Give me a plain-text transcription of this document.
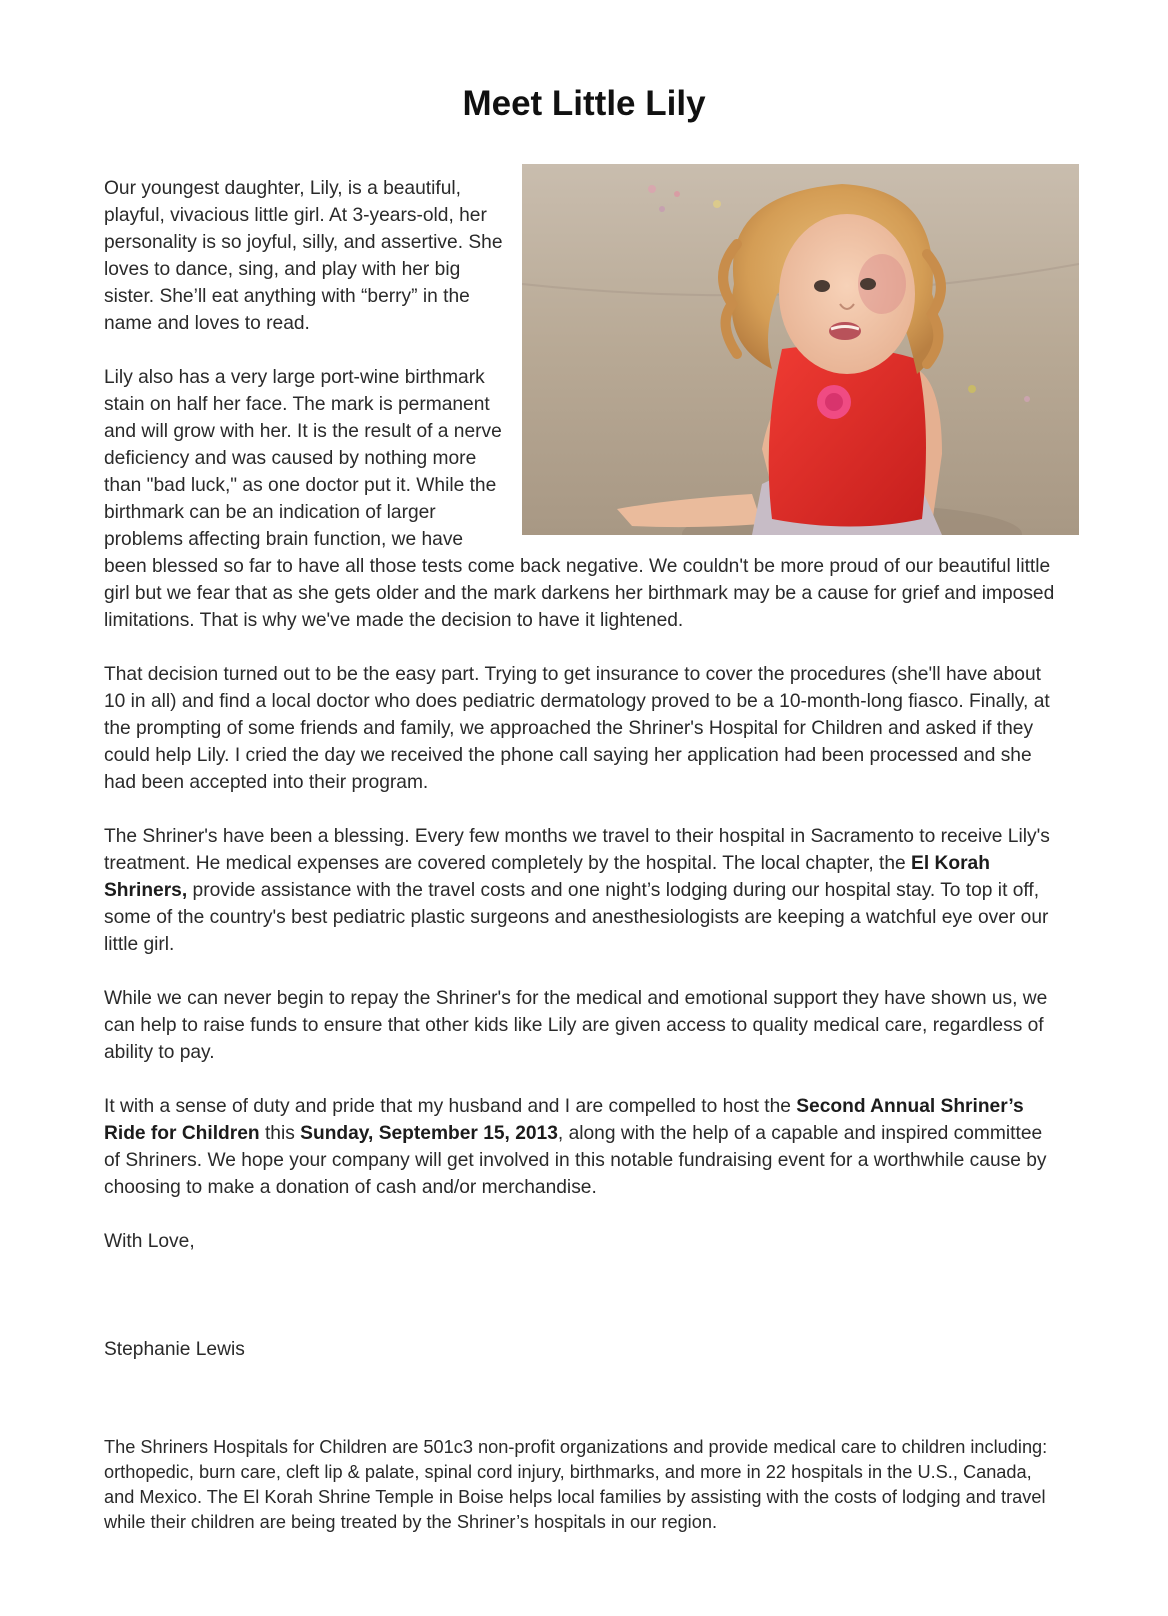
Meet Little Lily

Our youngest daughter, Lily, is a beautiful, playful, vivacious little girl. At 3-years-old, her personality is so joyful, silly, and assertive. She loves to dance, sing, and play with her big sister. She’ll eat anything with “berry” in the name and loves to read.

Lily also has a very large port-wine birthmark stain on half her face. The mark is permanent and will grow with her. It is the result of a nerve deficiency and was caused by nothing more than "bad luck," as one doctor put it. While the birthmark can be an indication of larger problems affecting brain function, we have been blessed so far to have all those tests come back negative. We couldn't be more proud of our beautiful little girl but we fear that as she gets older and the mark darkens her birthmark may be a cause for grief and imposed limitations. That is why we've made the decision to have it lightened.

That decision turned out to be the easy part. Trying to get insurance to cover the procedures (she'll have about 10 in all) and find a local doctor who does pediatric dermatology proved to be a 10-month-long fiasco. Finally, at the prompting of some friends and family, we approached the Shriner's Hospital for Children and asked if they could help Lily. I cried the day we received the phone call saying her application had been processed and she had been accepted into their program.

The Shriner's have been a blessing. Every few months we travel to their hospital in Sacramento to receive Lily's treatment. He medical expenses are covered completely by the hospital. The local chapter, the El Korah Shriners, provide assistance with the travel costs and one night’s lodging during our hospital stay. To top it off, some of the country's best pediatric plastic surgeons and anesthesiologists are keeping a watchful eye over our little girl.

While we can never begin to repay the Shriner's for the medical and emotional support they have shown us, we can help to raise funds to ensure that other kids like Lily are given access to quality medical care, regardless of ability to pay.

It with a sense of duty and pride that my husband and I are compelled to host the Second Annual Shriner’s Ride for Children this Sunday, September 15, 2013, along with the help of a capable and inspired committee of Shriners. We hope your company will get involved in this notable fundraising event for a worthwhile cause by choosing to make a donation of cash and/or merchandise.

With Love,

Stephanie Lewis

The Shriners Hospitals for Children are 501c3 non-profit organizations and provide medical care to children including: orthopedic, burn care, cleft lip & palate, spinal cord injury, birthmarks, and more in 22 hospitals in the U.S., Canada, and Mexico. The El Korah Shrine Temple in Boise helps local families by assisting with the costs of lodging and travel while their children are being treated by the Shriner’s hospitals in our region.
